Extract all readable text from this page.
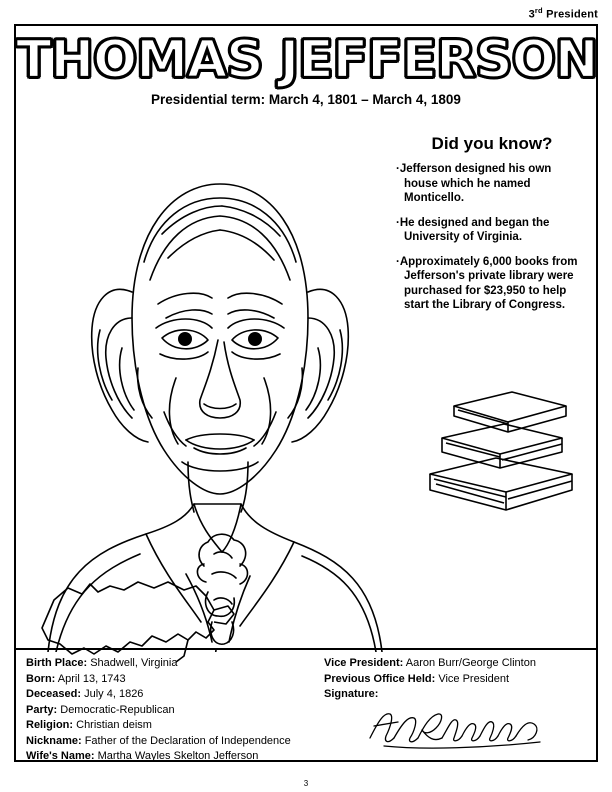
3rd President
THOMAS JEFFERSON
Presidential term: March 4, 1801 – March 4, 1809
Did you know?
· Jefferson designed his own house which he named Monticello.
· He designed and began the University of Virginia.
· Approximately 6,000 books from Jefferson's private library were purchased for $23,950 to help start the Library of Congress.
Birth Place: Shadwell, Virginia
Born: April 13, 1743
Deceased: July 4, 1826
Party: Democratic-Republican
Religion: Christian deism
Nickname: Father of the Declaration of Independence
Wife's Name: Martha Wayles Skelton Jefferson
Vice President: Aaron Burr/George Clinton
Previous Office Held: Vice President
Signature:
3
